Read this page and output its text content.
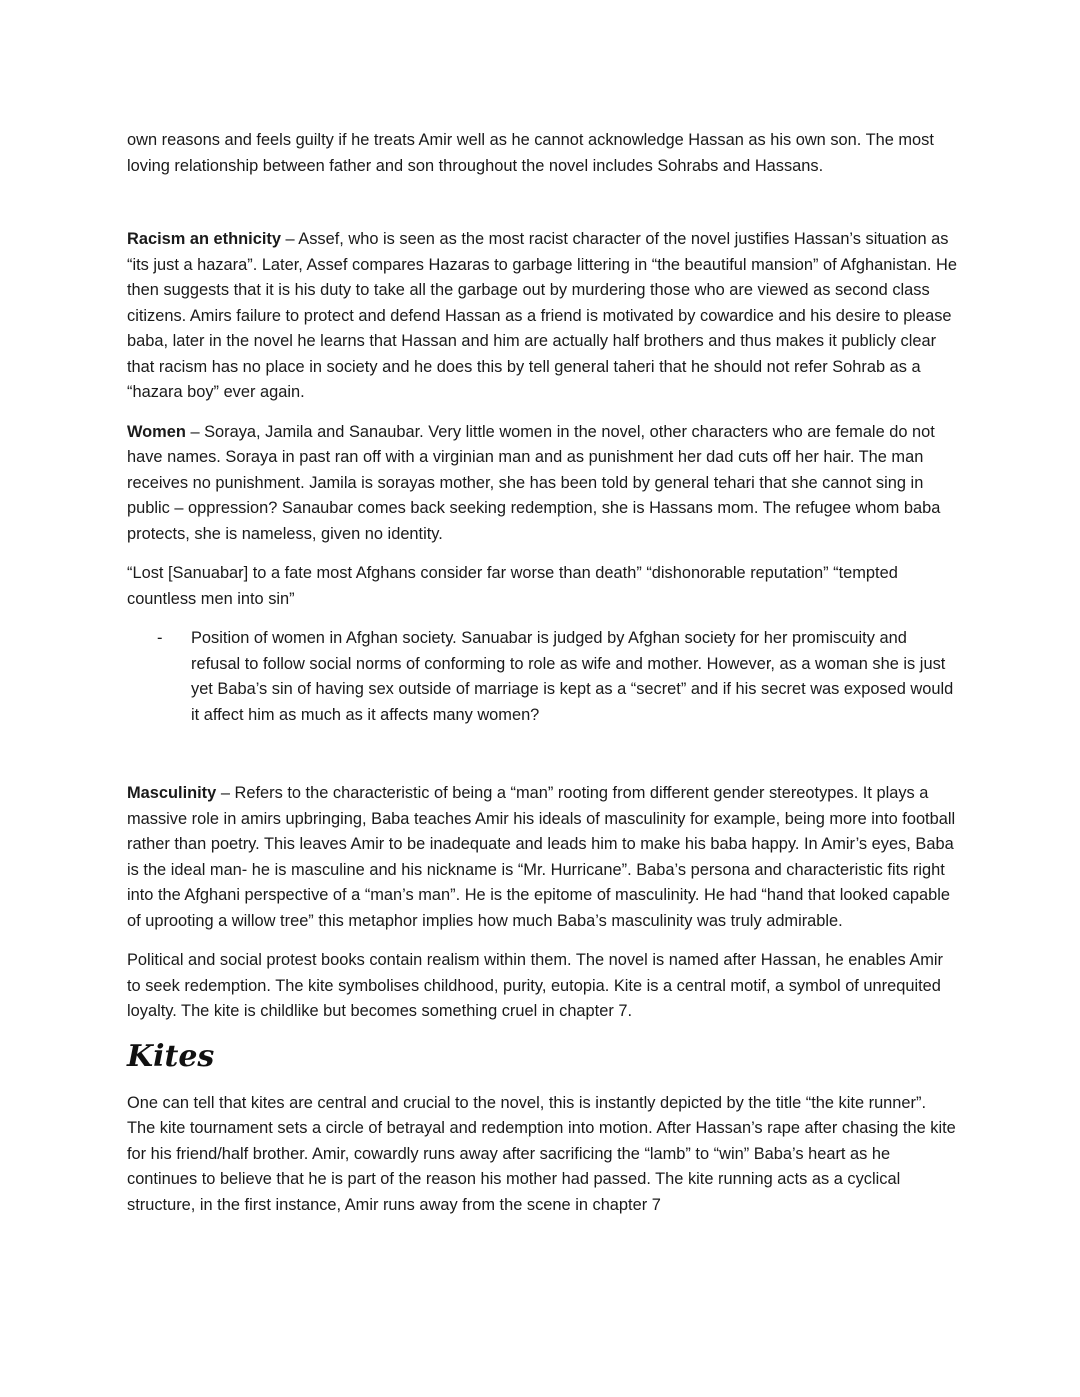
own reasons and feels guilty if he treats Amir well as he cannot acknowledge Hassan as his own son. The most loving relationship between father and son throughout the novel includes Sohrabs and Hassans.

Racism an ethnicity – Assef, who is seen as the most racist character of the novel justifies Hassan’s situation as “its just a hazara”. Later, Assef compares Hazaras to garbage littering in “the beautiful mansion” of Afghanistan. He then suggests that it is his duty to take all the garbage out by murdering those who are viewed as second class citizens. Amirs failure to protect and defend Hassan as a friend is motivated by cowardice and his desire to please baba, later in the novel he learns that Hassan and him are actually half brothers and thus makes it publicly clear that racism has no place in society and he does this by tell general taheri that he should not refer Sohrab as a “hazara boy” ever again.

Women – Soraya, Jamila and Sanaubar. Very little women in the novel, other characters who are female do not have names. Soraya in past ran off with a virginian man and as punishment her dad cuts off her hair. The man receives no punishment. Jamila is sorayas mother, she has been told by general tehari that she cannot sing in public – oppression? Sanaubar comes back seeking redemption, she is Hassans mom. The refugee whom baba protects, she is nameless, given no identity.

“Lost [Sanuabar] to a fate most Afghans consider far worse than death” “dishonorable reputation” “tempted countless men into sin”

-	Position of women in Afghan society. Sanuabar is judged by Afghan society for her promiscuity and refusal to follow social norms of conforming to role as wife and mother. However, as a woman she is just yet Baba’s sin of having sex outside of marriage is kept as a “secret” and if his secret was exposed would it affect him as much as it affects many women?

Masculinity – Refers to the characteristic of being a “man” rooting from different gender stereotypes. It plays a massive role in amirs upbringing, Baba teaches Amir his ideals of masculinity for example, being more into football rather than poetry. This leaves Amir to be inadequate and leads him to make his baba happy. In Amir’s eyes, Baba is the ideal man- he is masculine and his nickname is “Mr. Hurricane”. Baba’s persona and characteristic fits right into the Afghani perspective of a “man’s man”. He is the epitome of masculinity. He had “hand that looked capable of uprooting a willow tree” this metaphor implies how much Baba’s masculinity was truly admirable.

Political and social protest books contain realism within them. The novel is named after Hassan, he enables Amir to seek redemption. The kite symbolises childhood, purity, eutopia. Kite is a central motif, a symbol of unrequited loyalty. The kite is childlike but becomes something cruel in chapter 7.

Kites

One can tell that kites are central and crucial to the novel, this is instantly depicted by the title “the kite runner”. The kite tournament sets a circle of betrayal and redemption into motion. After Hassan’s rape after chasing the kite for his friend/half brother. Amir, cowardly runs away after sacrificing the “lamb” to “win” Baba’s heart as he continues to believe that he is part of the reason his mother had passed. The kite running acts as a cyclical structure, in the first instance, Amir runs away from the scene in chapter 7
